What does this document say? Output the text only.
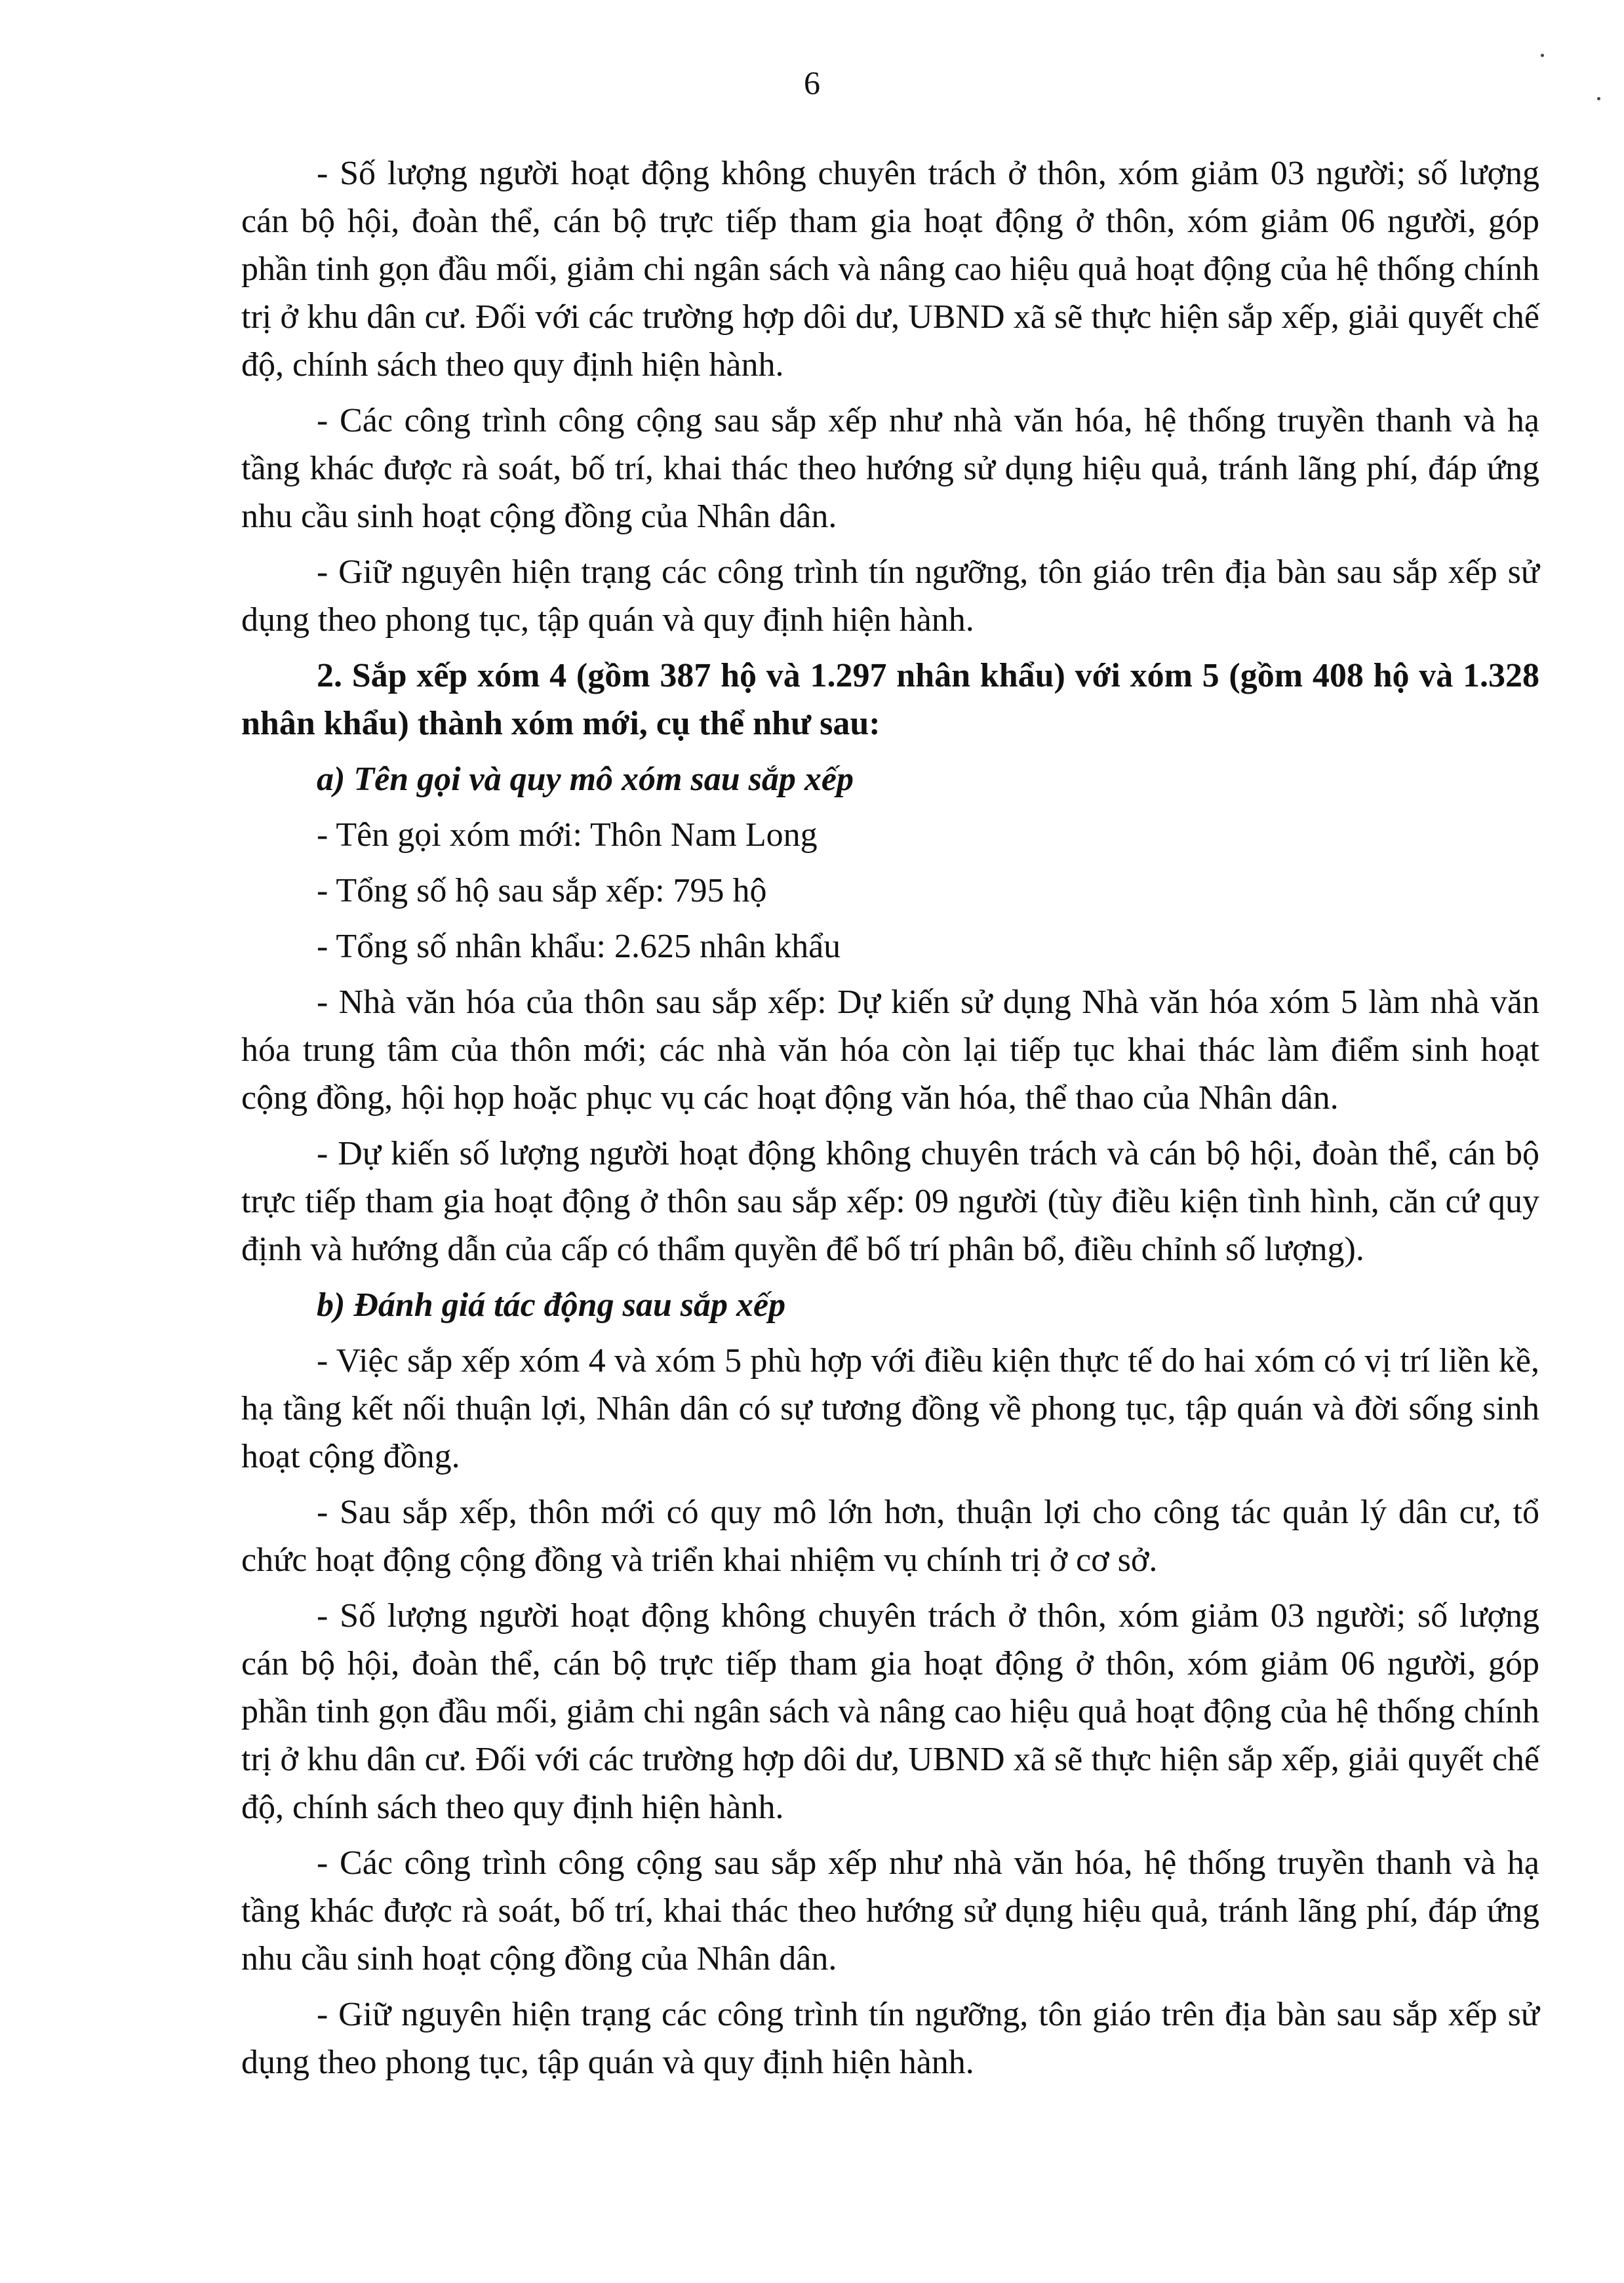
6

- Số lượng người hoạt động không chuyên trách ở thôn, xóm giảm 03 người; số lượng cán bộ hội, đoàn thể, cán bộ trực tiếp tham gia hoạt động ở thôn, xóm giảm 06 người, góp phần tinh gọn đầu mối, giảm chi ngân sách và nâng cao hiệu quả hoạt động của hệ thống chính trị ở khu dân cư. Đối với các trường hợp dôi dư, UBND xã sẽ thực hiện sắp xếp, giải quyết chế độ, chính sách theo quy định hiện hành.

- Các công trình công cộng sau sắp xếp như nhà văn hóa, hệ thống truyền thanh và hạ tầng khác được rà soát, bố trí, khai thác theo hướng sử dụng hiệu quả, tránh lãng phí, đáp ứng nhu cầu sinh hoạt cộng đồng của Nhân dân.

- Giữ nguyên hiện trạng các công trình tín ngưỡng, tôn giáo trên địa bàn sau sắp xếp sử dụng theo phong tục, tập quán và quy định hiện hành.

2. Sắp xếp xóm 4 (gồm 387 hộ và 1.297 nhân khẩu) với xóm 5 (gồm 408 hộ và 1.328 nhân khẩu) thành xóm mới, cụ thể như sau:

a) Tên gọi và quy mô xóm sau sắp xếp

- Tên gọi xóm mới: Thôn Nam Long

- Tổng số hộ sau sắp xếp: 795 hộ

- Tổng số nhân khẩu: 2.625 nhân khẩu

- Nhà văn hóa của thôn sau sắp xếp: Dự kiến sử dụng Nhà văn hóa xóm 5 làm nhà văn hóa trung tâm của thôn mới; các nhà văn hóa còn lại tiếp tục khai thác làm điểm sinh hoạt cộng đồng, hội họp hoặc phục vụ các hoạt động văn hóa, thể thao của Nhân dân.

- Dự kiến số lượng người hoạt động không chuyên trách và cán bộ hội, đoàn thể, cán bộ trực tiếp tham gia hoạt động ở thôn sau sắp xếp: 09 người (tùy điều kiện tình hình, căn cứ quy định và hướng dẫn của cấp có thẩm quyền để bố trí phân bổ, điều chỉnh số lượng).

b) Đánh giá tác động sau sắp xếp

- Việc sắp xếp xóm 4 và xóm 5 phù hợp với điều kiện thực tế do hai xóm có vị trí liền kề, hạ tầng kết nối thuận lợi, Nhân dân có sự tương đồng về phong tục, tập quán và đời sống sinh hoạt cộng đồng.

- Sau sắp xếp, thôn mới có quy mô lớn hơn, thuận lợi cho công tác quản lý dân cư, tổ chức hoạt động cộng đồng và triển khai nhiệm vụ chính trị ở cơ sở.

- Số lượng người hoạt động không chuyên trách ở thôn, xóm giảm 03 người; số lượng cán bộ hội, đoàn thể, cán bộ trực tiếp tham gia hoạt động ở thôn, xóm giảm 06 người, góp phần tinh gọn đầu mối, giảm chi ngân sách và nâng cao hiệu quả hoạt động của hệ thống chính trị ở khu dân cư. Đối với các trường hợp dôi dư, UBND xã sẽ thực hiện sắp xếp, giải quyết chế độ, chính sách theo quy định hiện hành.

- Các công trình công cộng sau sắp xếp như nhà văn hóa, hệ thống truyền thanh và hạ tầng khác được rà soát, bố trí, khai thác theo hướng sử dụng hiệu quả, tránh lãng phí, đáp ứng nhu cầu sinh hoạt cộng đồng của Nhân dân.

- Giữ nguyên hiện trạng các công trình tín ngưỡng, tôn giáo trên địa bàn sau sắp xếp sử dụng theo phong tục, tập quán và quy định hiện hành.
